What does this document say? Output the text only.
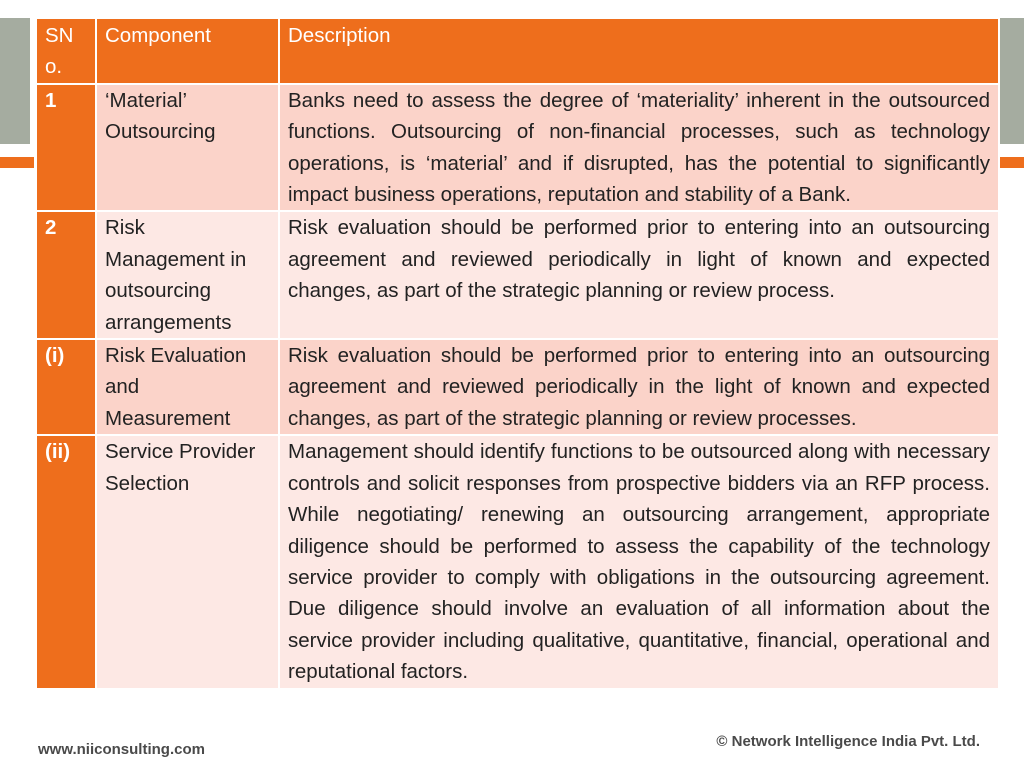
SN o.	Component	Description
1	‘Material’ Outsourcing	Banks need to assess the degree of ‘materiality’ inherent in the outsourced functions. Outsourcing of non-financial processes, such as technology operations, is ‘material’ and if disrupted, has the potential to significantly impact business operations, reputation and stability of a Bank.
2	Risk Management in outsourcing arrangements	Risk evaluation should be performed prior to entering into an outsourcing agreement and reviewed periodically in light of known and expected changes, as part of the strategic planning or review process.
(i)	Risk Evaluation and Measurement	Risk evaluation should be performed prior to entering into an outsourcing agreement and reviewed periodically in the light of known and expected changes, as part of the strategic planning or review processes.
(ii)	Service Provider Selection	Management should identify functions to be outsourced along with necessary controls and solicit responses from prospective bidders via an RFP process. While negotiating/ renewing an outsourcing arrangement, appropriate diligence should be performed to assess the capability of the technology service provider to comply with obligations in the outsourcing agreement. Due diligence should involve an evaluation of all information about the service provider including qualitative, quantitative, financial, operational and reputational factors.
www.niiconsulting.com	© Network Intelligence India Pvt. Ltd.
